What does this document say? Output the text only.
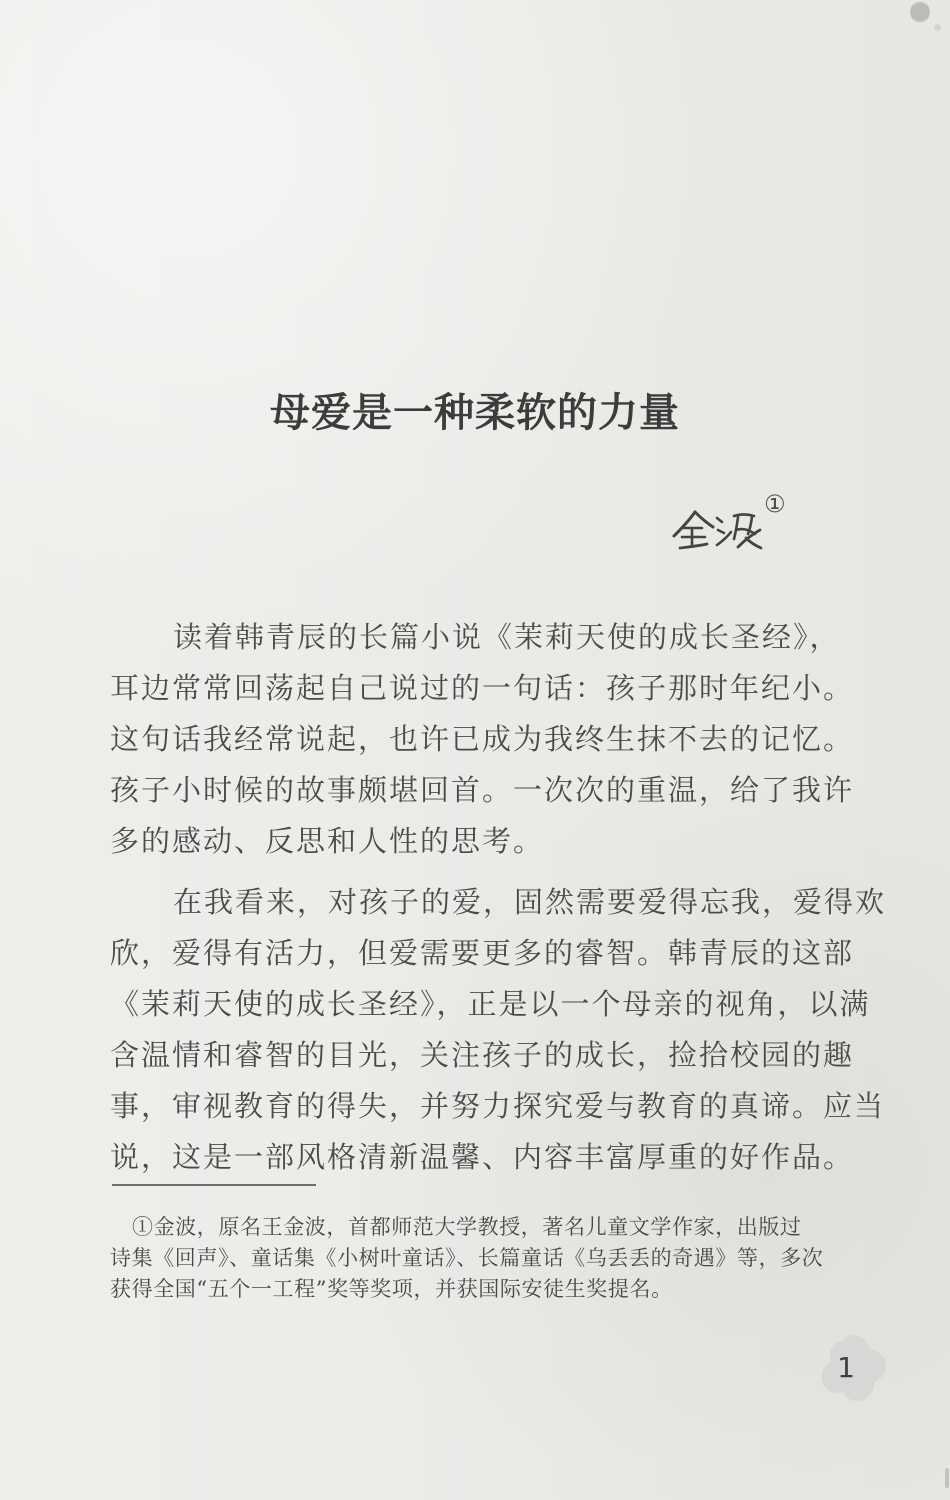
母爱是一种柔软的力量
①
读着韩青辰的长篇小说《茉莉天使的成长圣经》，
耳边常常回荡起自己说过的一句话：孩子那时年纪小。
这句话我经常说起，也许已成为我终生抹不去的记忆。
孩子小时候的故事颇堪回首。一次次的重温，给了我许
多的感动、反思和人性的思考。
在我看来，对孩子的爱，固然需要爱得忘我，爱得欢
欣，爱得有活力，但爱需要更多的睿智。韩青辰的这部
《茉莉天使的成长圣经》，正是以一个母亲的视角，以满
含温情和睿智的目光，关注孩子的成长，捡拾校园的趣
事，审视教育的得失，并努力探究爱与教育的真谛。应当
说，这是一部风格清新温馨、内容丰富厚重的好作品。
①金波，原名王金波，首都师范大学教授，著名儿童文学作家，出版过
诗集《回声》、童话集《小树叶童话》、长篇童话《乌丢丢的奇遇》等，多次
获得全国“五个一工程”奖等奖项，并获国际安徒生奖提名。
1
